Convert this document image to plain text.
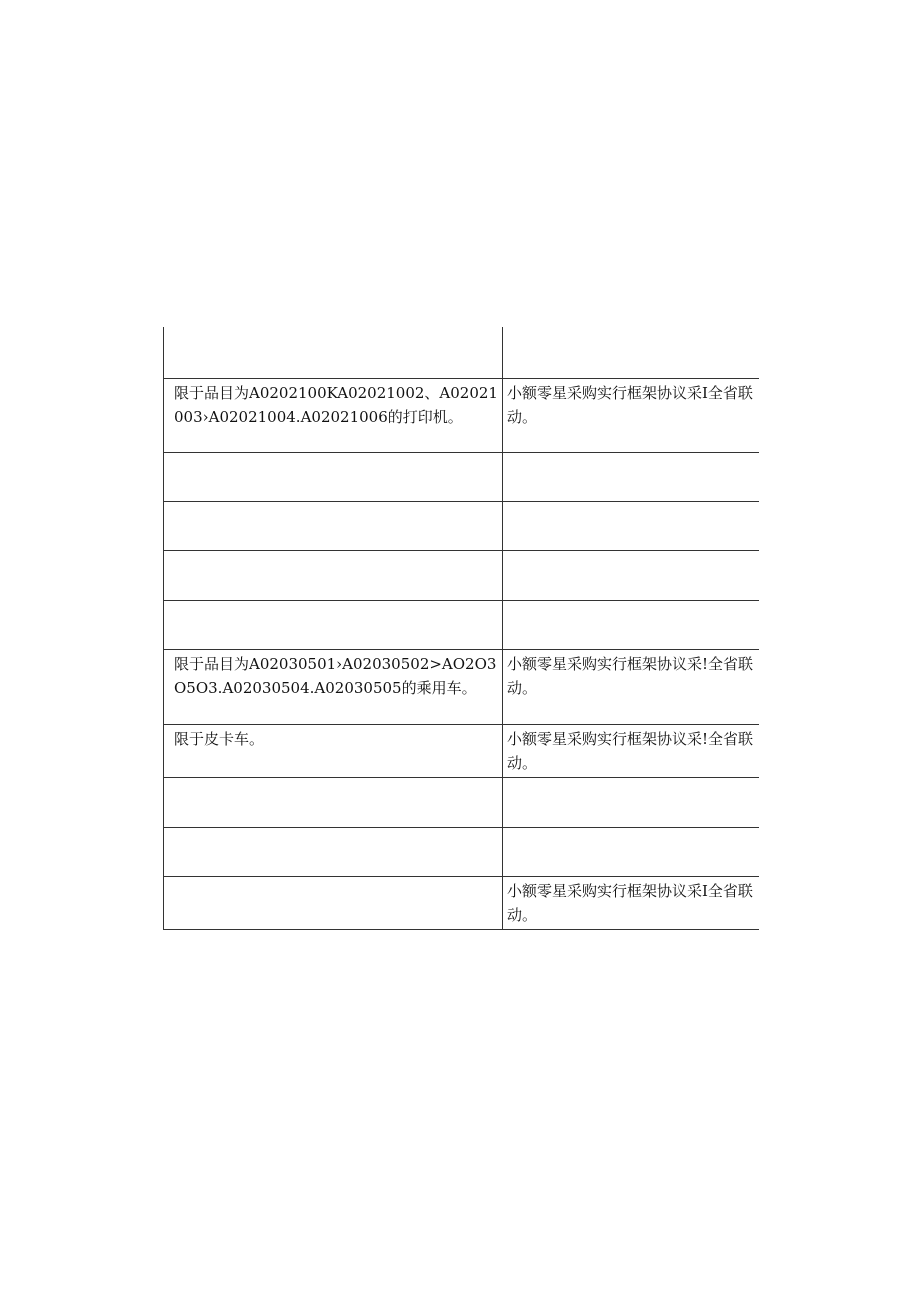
限于品目为A0202100KA02021002、A02021003›A02021004.A02021006的打印机。	小额零星采购实行框架协议采I全省联动。

限于品目为A02030501›A02030502>AO2O3O5O3.A02030504.A02030505的乘用车。	小额零星采购实行框架协议采!全省联动。
限于皮卡车。	小额零星采购实行框架协议采!全省联动。

	小额零星采购实行框架协议采I全省联动。
